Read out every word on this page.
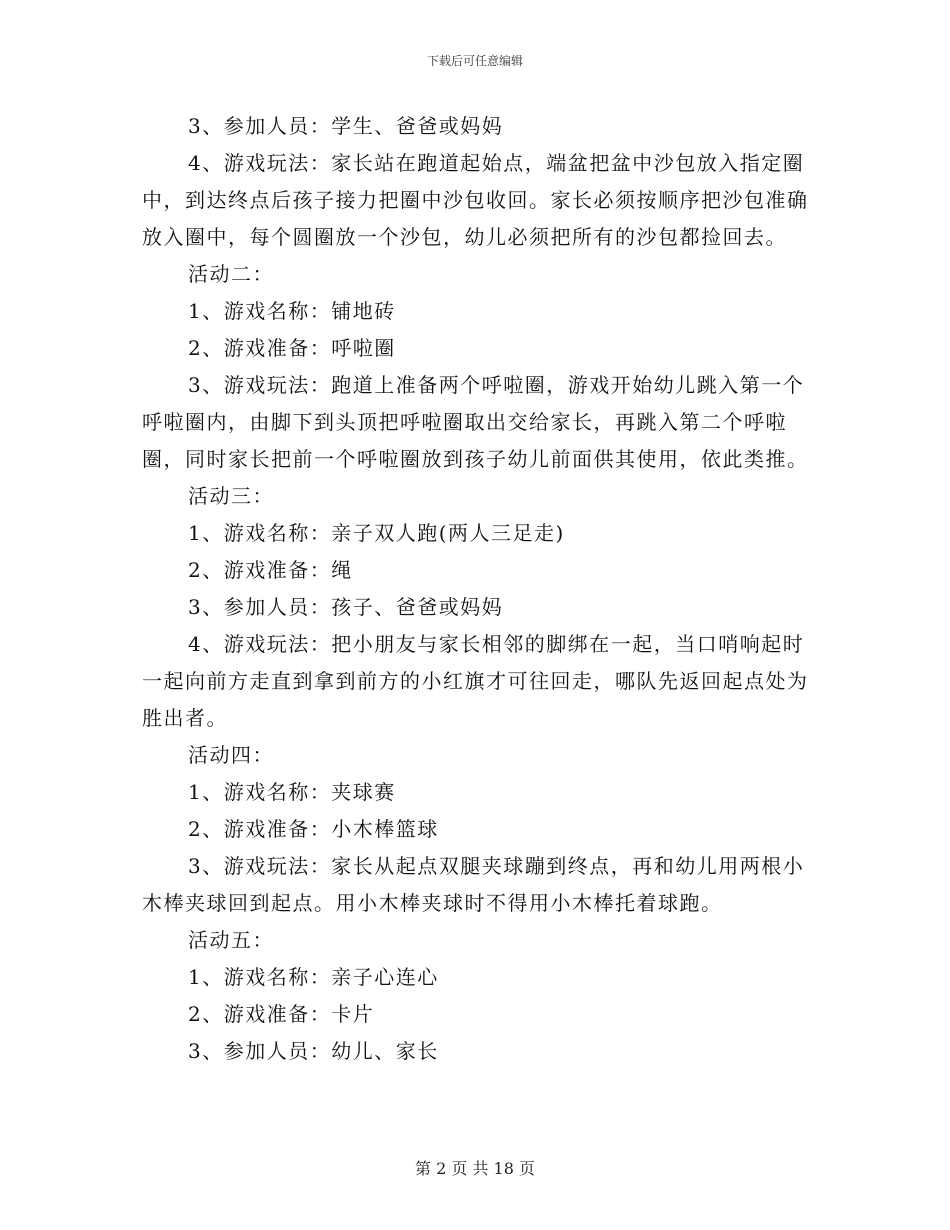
下载后可任意编辑

3、参加人员：学生、爸爸或妈妈

4、游戏玩法：家长站在跑道起始点，端盆把盆中沙包放入指定圈中，到达终点后孩子接力把圈中沙包收回。家长必须按顺序把沙包准确放入圈中，每个圆圈放一个沙包，幼儿必须把所有的沙包都捡回去。

活动二：

1、游戏名称：铺地砖

2、游戏准备：呼啦圈

3、游戏玩法：跑道上准备两个呼啦圈，游戏开始幼儿跳入第一个呼啦圈内，由脚下到头顶把呼啦圈取出交给家长，再跳入第二个呼啦圈，同时家长把前一个呼啦圈放到孩子幼儿前面供其使用，依此类推。

活动三：

1、游戏名称：亲子双人跑(两人三足走)

2、游戏准备：绳

3、参加人员：孩子、爸爸或妈妈

4、游戏玩法：把小朋友与家长相邻的脚绑在一起，当口哨响起时一起向前方走直到拿到前方的小红旗才可往回走，哪队先返回起点处为胜出者。

活动四：

1、游戏名称：夹球赛

2、游戏准备：小木棒篮球

3、游戏玩法：家长从起点双腿夹球蹦到终点，再和幼儿用两根小木棒夹球回到起点。用小木棒夹球时不得用小木棒托着球跑。

活动五：

1、游戏名称：亲子心连心

2、游戏准备：卡片

3、参加人员：幼儿、家长

第 2 页 共 18 页
